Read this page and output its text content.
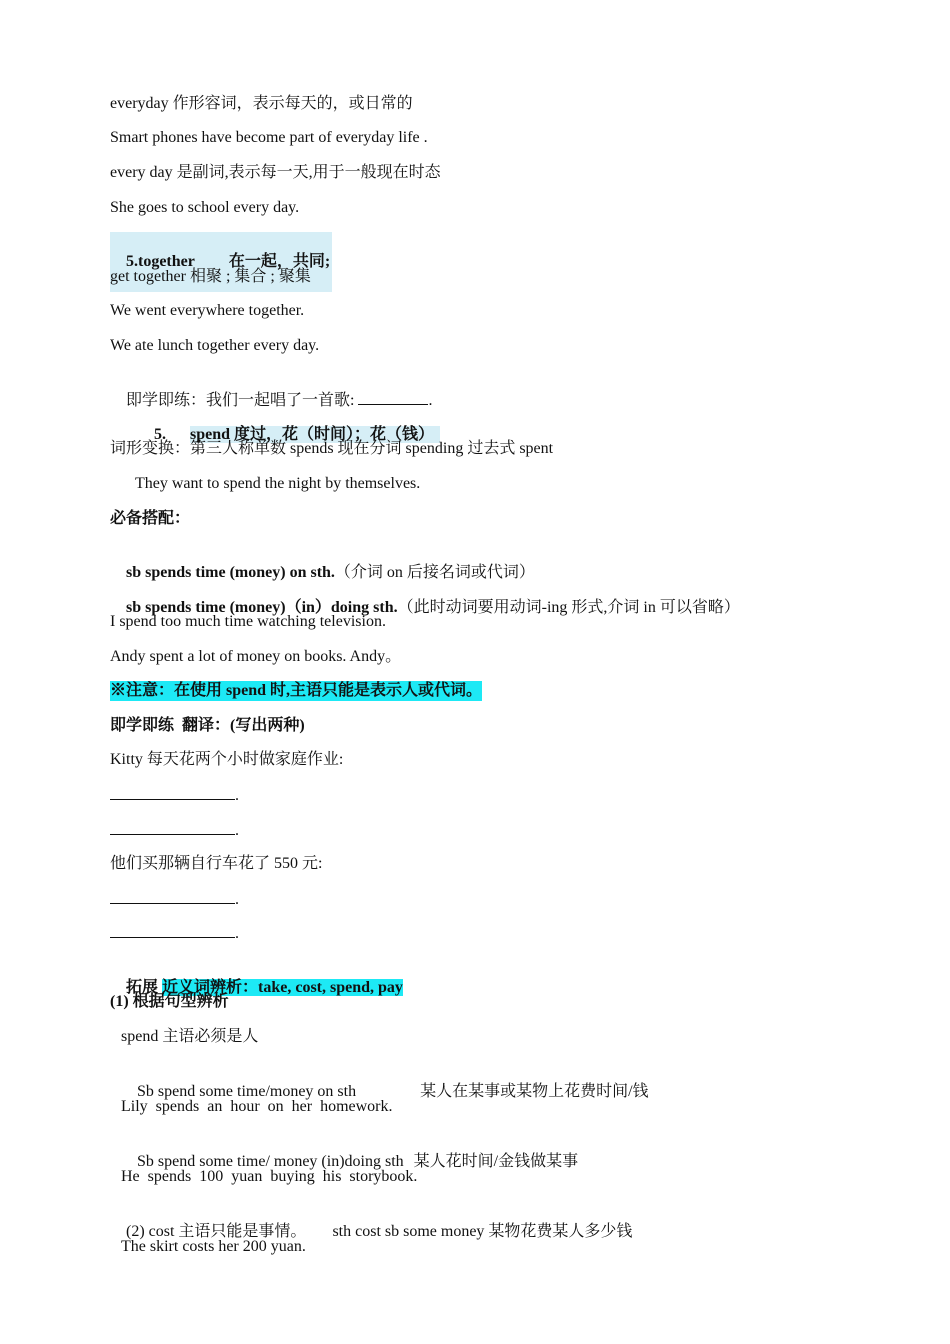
everyday 作形容词，表示每天的，或日常的
Smart phones have become part of everyday life .
every day 是副词,表示每一天,用于一般现在时态
She goes to school every day.

5.together 在一起，共同;

get together 相聚 ; 集合 ; 聚集
We went everywhere together.
We ate lunch together every day.

即学即练：我们一起唱了一首歌:	.

5. spend 度过，花（时间）；花（钱）

词形变换：第三人称单数 spends 现在分词 spending 过去式 spent
They want to spend the night by themselves.
必备搭配：

sb spends time (money) on sth.（介词 on 后接名词或代词）

sb spends time (money)（in）doing sth.（此时动词要用动词-ing 形式,介词 in 可以省略）

I spend too much time watching television.
Andy spent a lot of money on books. Andy。
※注意：在使用 spend 时,主语只能是表示人或代词。
即学即练  翻译：(写出两种)
Kitty 每天花两个小时做家庭作业:
.
.
他们买那辆自行车花了 550 元:
.
.

拓展 近义词辨析：take, cost, spend, pay

(1) 根据句型辨析
spend 主语必须是人

Sb spend some time/money on sth	某人在某事或某物上花费时间/钱

Lily  spends  an  hour  on  her  homework.

Sb spend some time/ money (in)doing sth 某人花时间/金钱做某事

He  spends  100  yuan  buying  his  storybook.

(2) cost 主语只能是事情。 sth cost sb some money 某物花费某人多少钱

The skirt costs her 200 yuan.
